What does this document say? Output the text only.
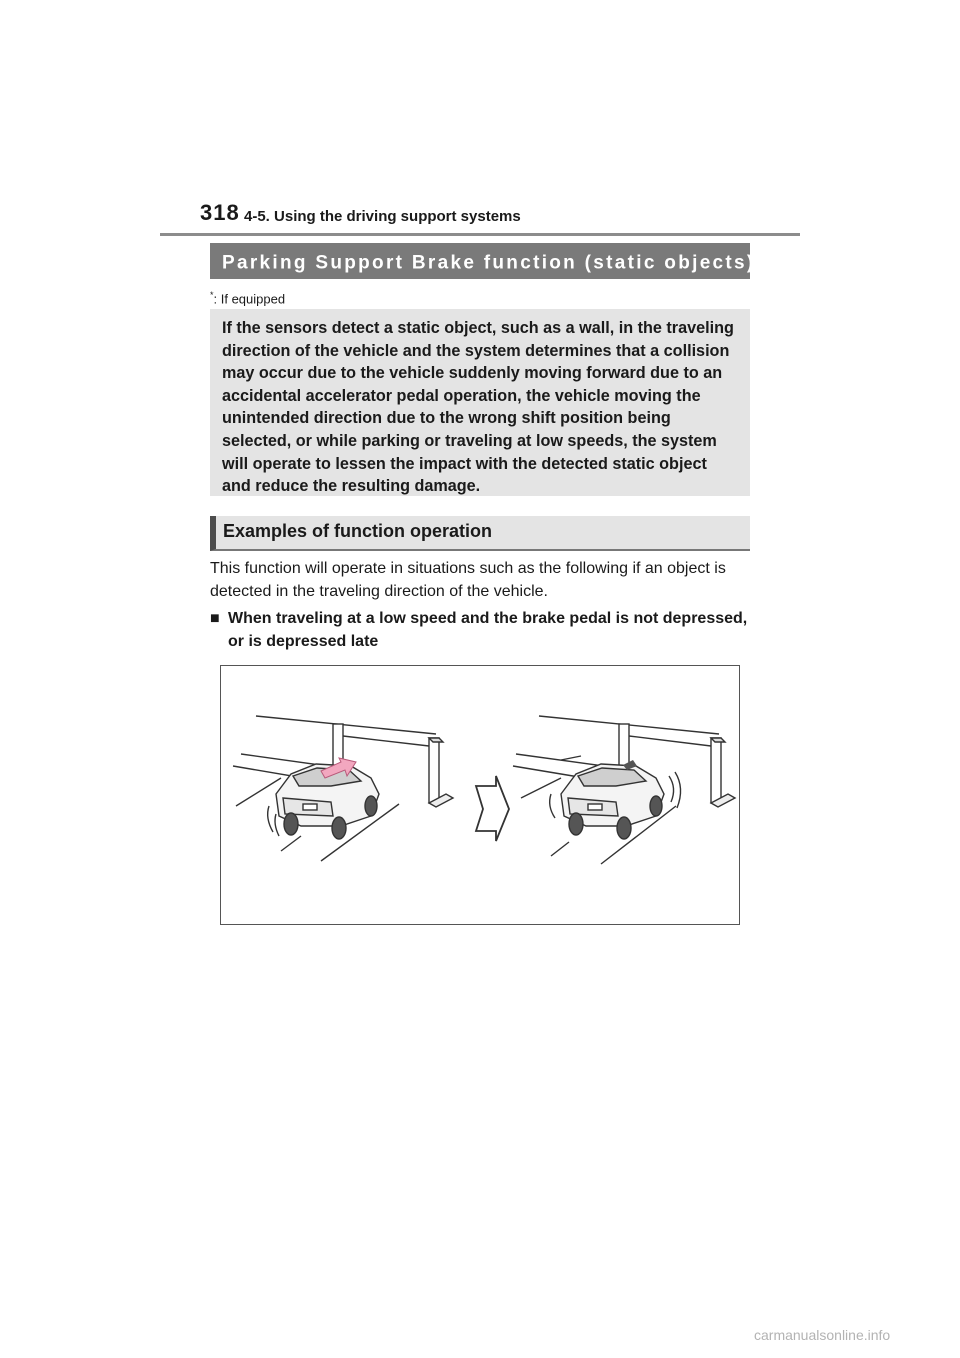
318 4-5. Using the driving support systems
Parking Support Brake function (static objects)*
*: If equipped
If the sensors detect a static object, such as a wall, in the traveling direction of the vehicle and the system determines that a collision may occur due to the vehicle suddenly moving forward due to an accidental accelerator pedal operation, the vehicle moving the unintended direction due to the wrong shift position being selected, or while parking or traveling at low speeds, the system will operate to lessen the impact with the detected static object and reduce the resulting damage.
Examples of function operation
This function will operate in situations such as the following if an object is detected in the traveling direction of the vehicle.
■ When traveling at a low speed and the brake pedal is not depressed, or is depressed late
carmanualsonline.info
